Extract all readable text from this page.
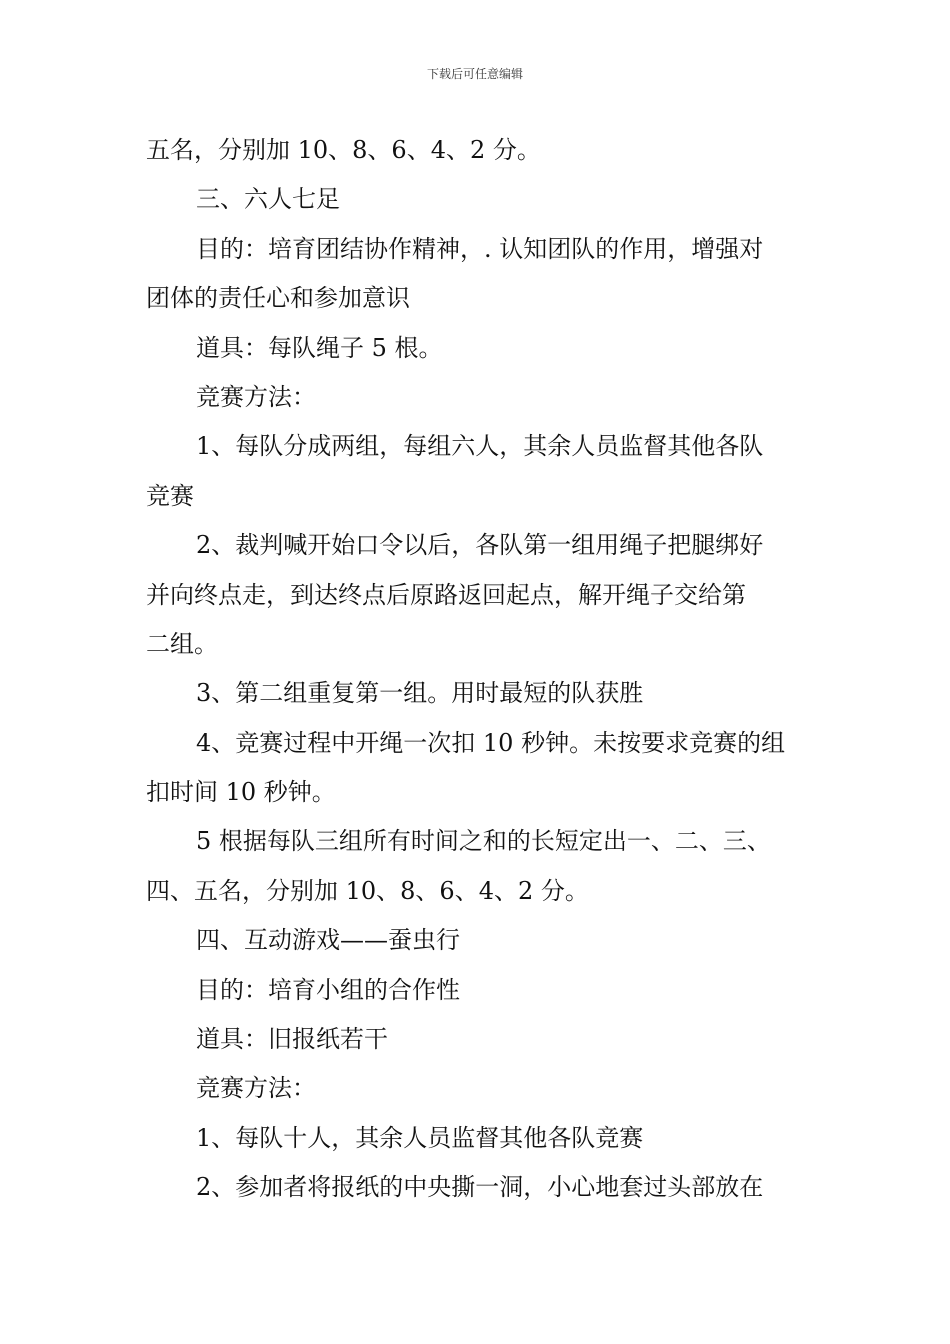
下载后可任意编辑
五名，分别加 10、8、6、4、2 分。
三、六人七足
目的：培育团结协作精神，. 认知团队的作用，增强对
团体的责任心和参加意识
道具：每队绳子 5 根。
竞赛方法：
1、每队分成两组，每组六人，其余人员监督其他各队
竞赛
2、裁判喊开始口令以后，各队第一组用绳子把腿绑好
并向终点走，到达终点后原路返回起点，解开绳子交给第
二组。
3、第二组重复第一组。用时最短的队获胜
4、竞赛过程中开绳一次扣 10 秒钟。未按要求竞赛的组
扣时间 10 秒钟。
5 根据每队三组所有时间之和的长短定出一、二、三、
四、五名，分别加 10、8、6、4、2 分。
四、互动游戏——蚕虫行
目的：培育小组的合作性
道具：旧报纸若干
竞赛方法：
1、每队十人，其余人员监督其他各队竞赛
2、参加者将报纸的中央撕一洞，小心地套过头部放在
